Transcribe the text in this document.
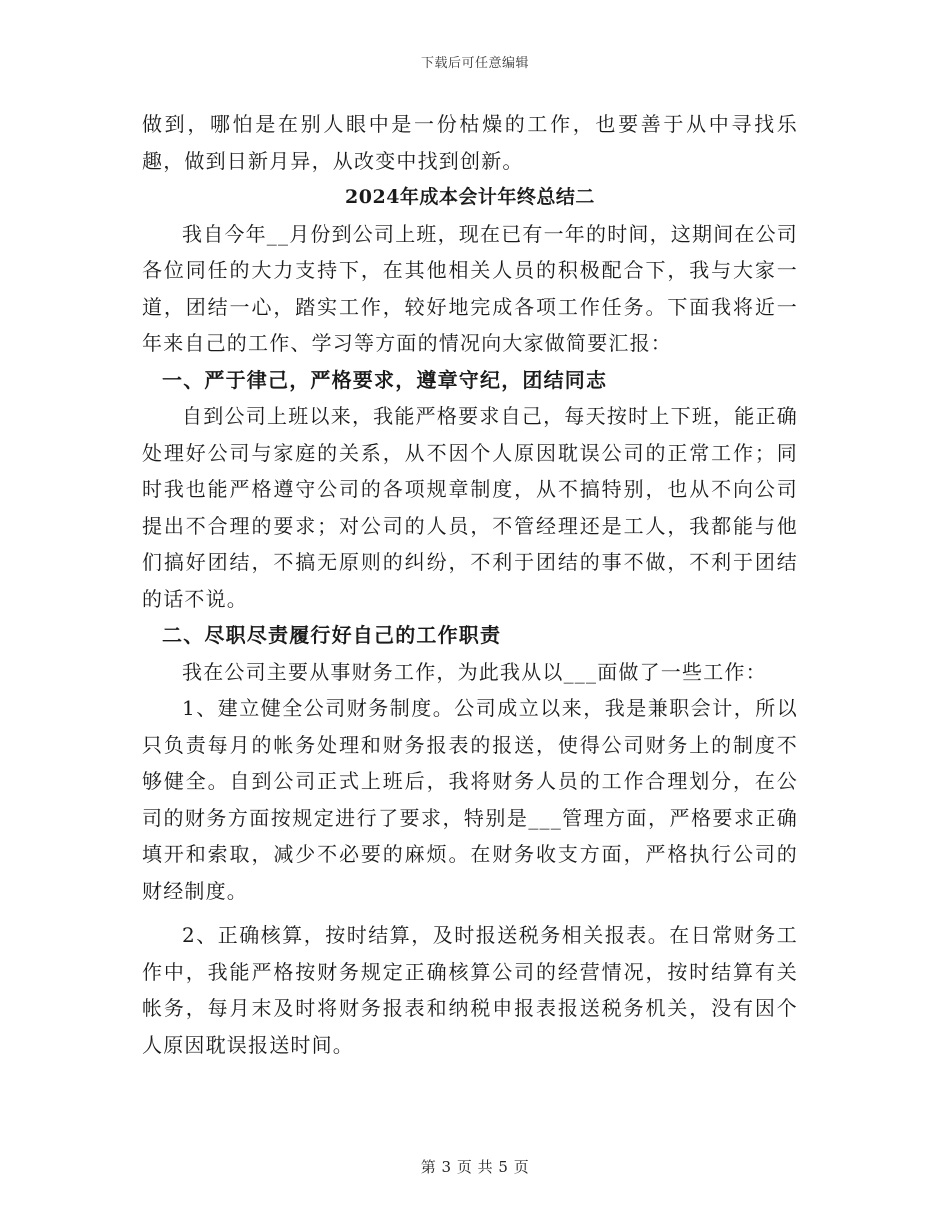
下载后可任意编辑

做到，哪怕是在别人眼中是一份枯燥的工作，也要善于从中寻找乐趣，做到日新月异，从改变中找到创新。

2024年成本会计年终总结二

我自今年__月份到公司上班，现在已有一年的时间，这期间在公司各位同任的大力支持下，在其他相关人员的积极配合下，我与大家一道，团结一心，踏实工作，较好地完成各项工作任务。下面我将近一年来自己的工作、学习等方面的情况向大家做简要汇报：

一、严于律己，严格要求，遵章守纪，团结同志

自到公司上班以来，我能严格要求自己，每天按时上下班，能正确处理好公司与家庭的关系，从不因个人原因耽误公司的正常工作；同时我也能严格遵守公司的各项规章制度，从不搞特别，也从不向公司提出不合理的要求；对公司的人员，不管经理还是工人，我都能与他们搞好团结，不搞无原则的纠纷，不利于团结的事不做，不利于团结的话不说。

二、尽职尽责履行好自己的工作职责

我在公司主要从事财务工作，为此我从以___面做了一些工作：

1、建立健全公司财务制度。公司成立以来，我是兼职会计，所以只负责每月的帐务处理和财务报表的报送，使得公司财务上的制度不够健全。自到公司正式上班后，我将财务人员的工作合理划分，在公司的财务方面按规定进行了要求，特别是___管理方面，严格要求正确填开和索取，减少不必要的麻烦。在财务收支方面，严格执行公司的财经制度。

2、正确核算，按时结算，及时报送税务相关报表。在日常财务工作中，我能严格按财务规定正确核算公司的经营情况，按时结算有关帐务，每月末及时将财务报表和纳税申报表报送税务机关，没有因个人原因耽误报送时间。

第 3 页 共 5 页
